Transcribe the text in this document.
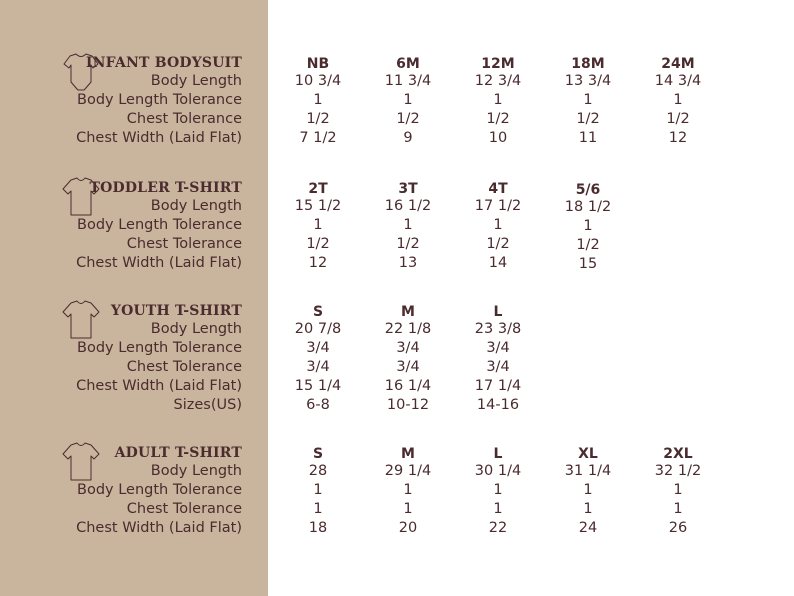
INFANT BODYSUIT	NB	6M	12M	18M	24M
Body Length	10 3/4	11 3/4	12 3/4	13 3/4	14 3/4
Body Length Tolerance	1	1	1	1	1
Chest Tolerance	1/2	1/2	1/2	1/2	1/2
Chest Width (Laid Flat)	7 1/2	9	10	11	12
TODDLER T-SHIRT	2T	3T	4T	5/6
Body Length	15 1/2	16 1/2	17 1/2	18 1/2
Body Length Tolerance	1	1	1	1
Chest Tolerance	1/2	1/2	1/2	1/2
Chest Width (Laid Flat)	12	13	14	15
YOUTH T-SHIRT	S	M	L
Body Length	20 7/8	22 1/8	23 3/8
Body Length Tolerance	3/4	3/4	3/4
Chest Tolerance	3/4	3/4	3/4
Chest Width (Laid Flat)	15 1/4	16 1/4	17 1/4
Sizes(US)	6-8	10-12	14-16
ADULT T-SHIRT	S	M	L	XL	2XL
Body Length	28	29 1/4	30 1/4	31 1/4	32 1/2
Body Length Tolerance	1	1	1	1	1
Chest Tolerance	1	1	1	1	1
Chest Width (Laid Flat)	18	20	22	24	26
